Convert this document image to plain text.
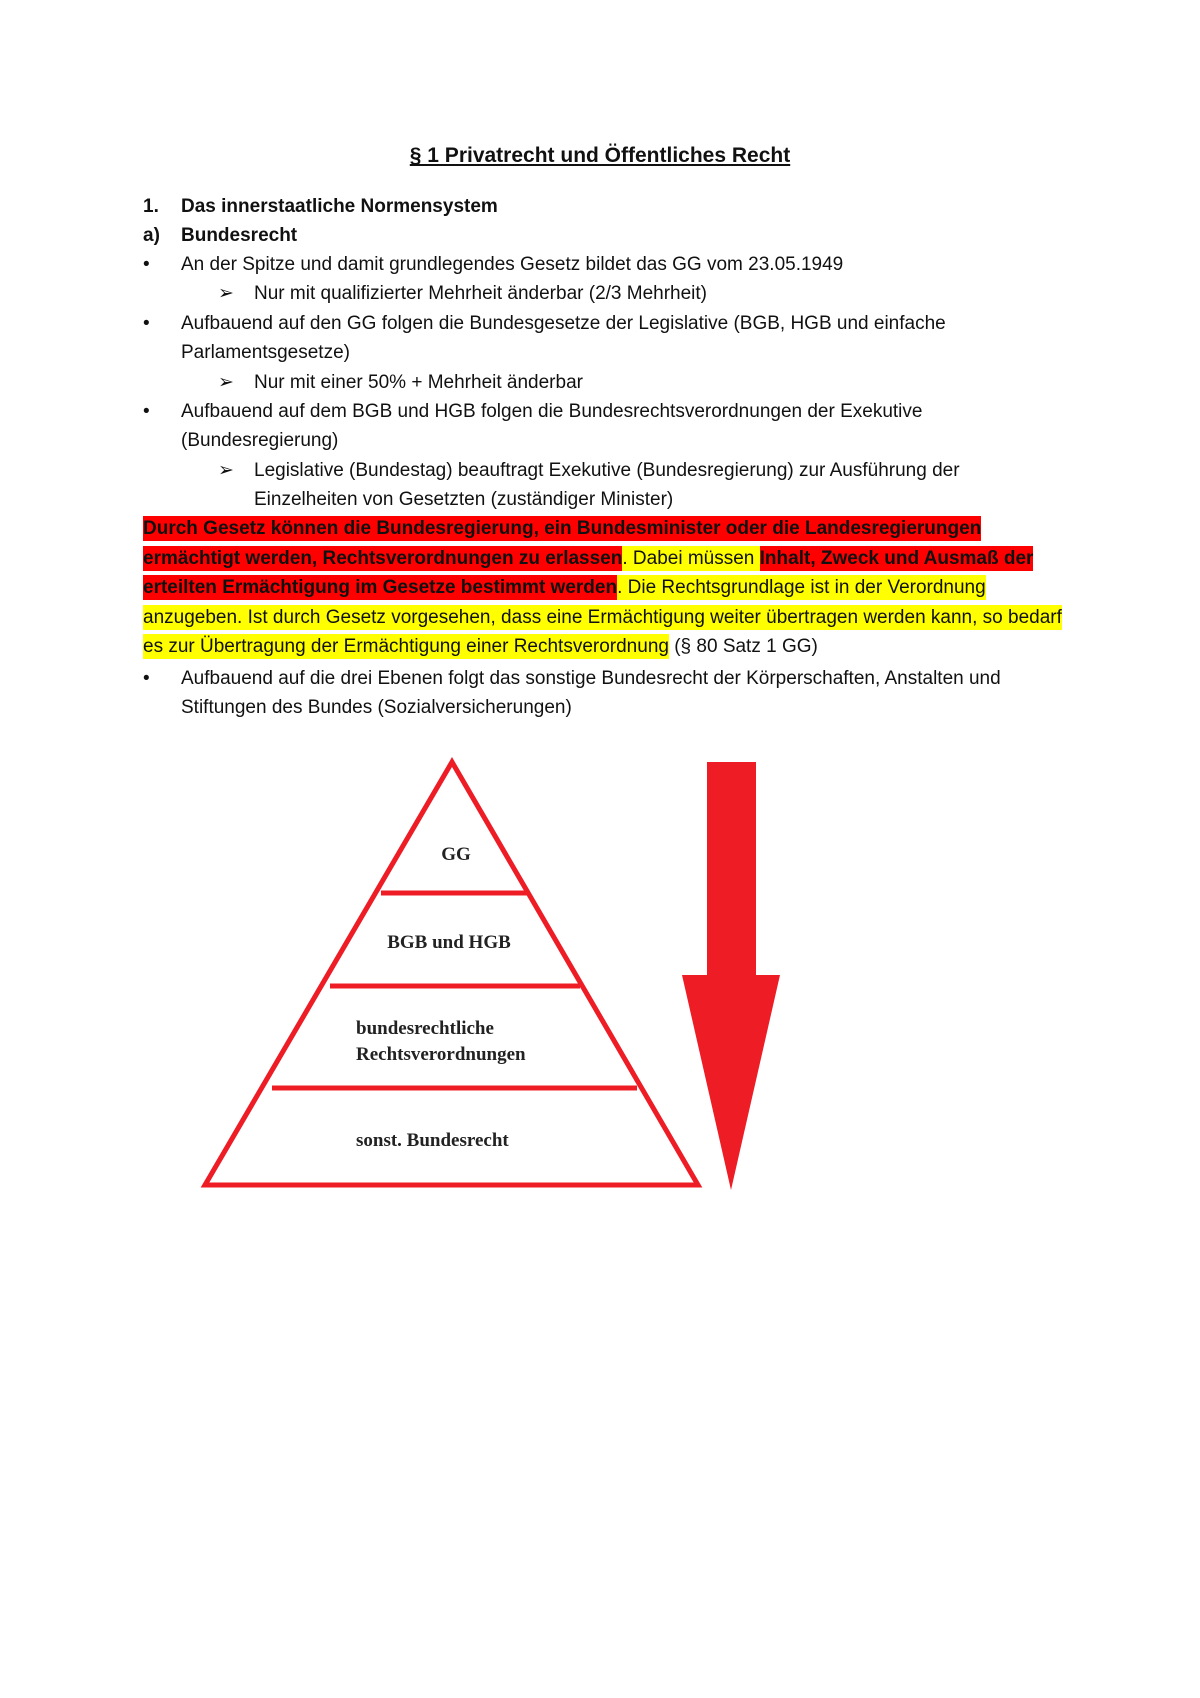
§ 1 Privatrecht und Öffentliches Recht
1. Das innerstaatliche Normensystem
a) Bundesrecht
•	An der Spitze und damit grundlegendes Gesetz bildet das GG vom 23.05.1949
➢	Nur mit qualifizierter Mehrheit änderbar (2/3 Mehrheit)
•	Aufbauend auf den GG folgen die Bundesgesetze der Legislative (BGB, HGB und einfache
Parlamentsgesetze)
➢	Nur mit einer 50% + Mehrheit änderbar
•	Aufbauend auf dem BGB und HGB folgen die Bundesrechtsverordnungen der Exekutive
(Bundesregierung)
➢	Legislative (Bundestag) beauftragt Exekutive (Bundesregierung) zur Ausführung der
Einzelheiten von Gesetzten (zuständiger Minister)
Durch Gesetz können die Bundesregierung, ein Bundesminister oder die Landesregierungen ermächtigt werden, Rechtsverordnungen zu erlassen. Dabei müssen Inhalt, Zweck und Ausmaß der erteilten Ermächtigung im Gesetze bestimmt werden. Die Rechtsgrundlage ist in der Verordnung anzugeben. Ist durch Gesetz vorgesehen, dass eine Ermächtigung weiter übertragen werden kann, so bedarf es zur Übertragung der Ermächtigung einer Rechtsverordnung (§ 80 Satz 1 GG)
•	Aufbauend auf die drei Ebenen folgt das sonstige Bundesrecht der Körperschaften, Anstalten und
Stiftungen des Bundes (Sozialversicherungen)
GG
BGB und HGB
bundesrechtliche
Rechtsverordnungen
sonst. Bundesrecht
